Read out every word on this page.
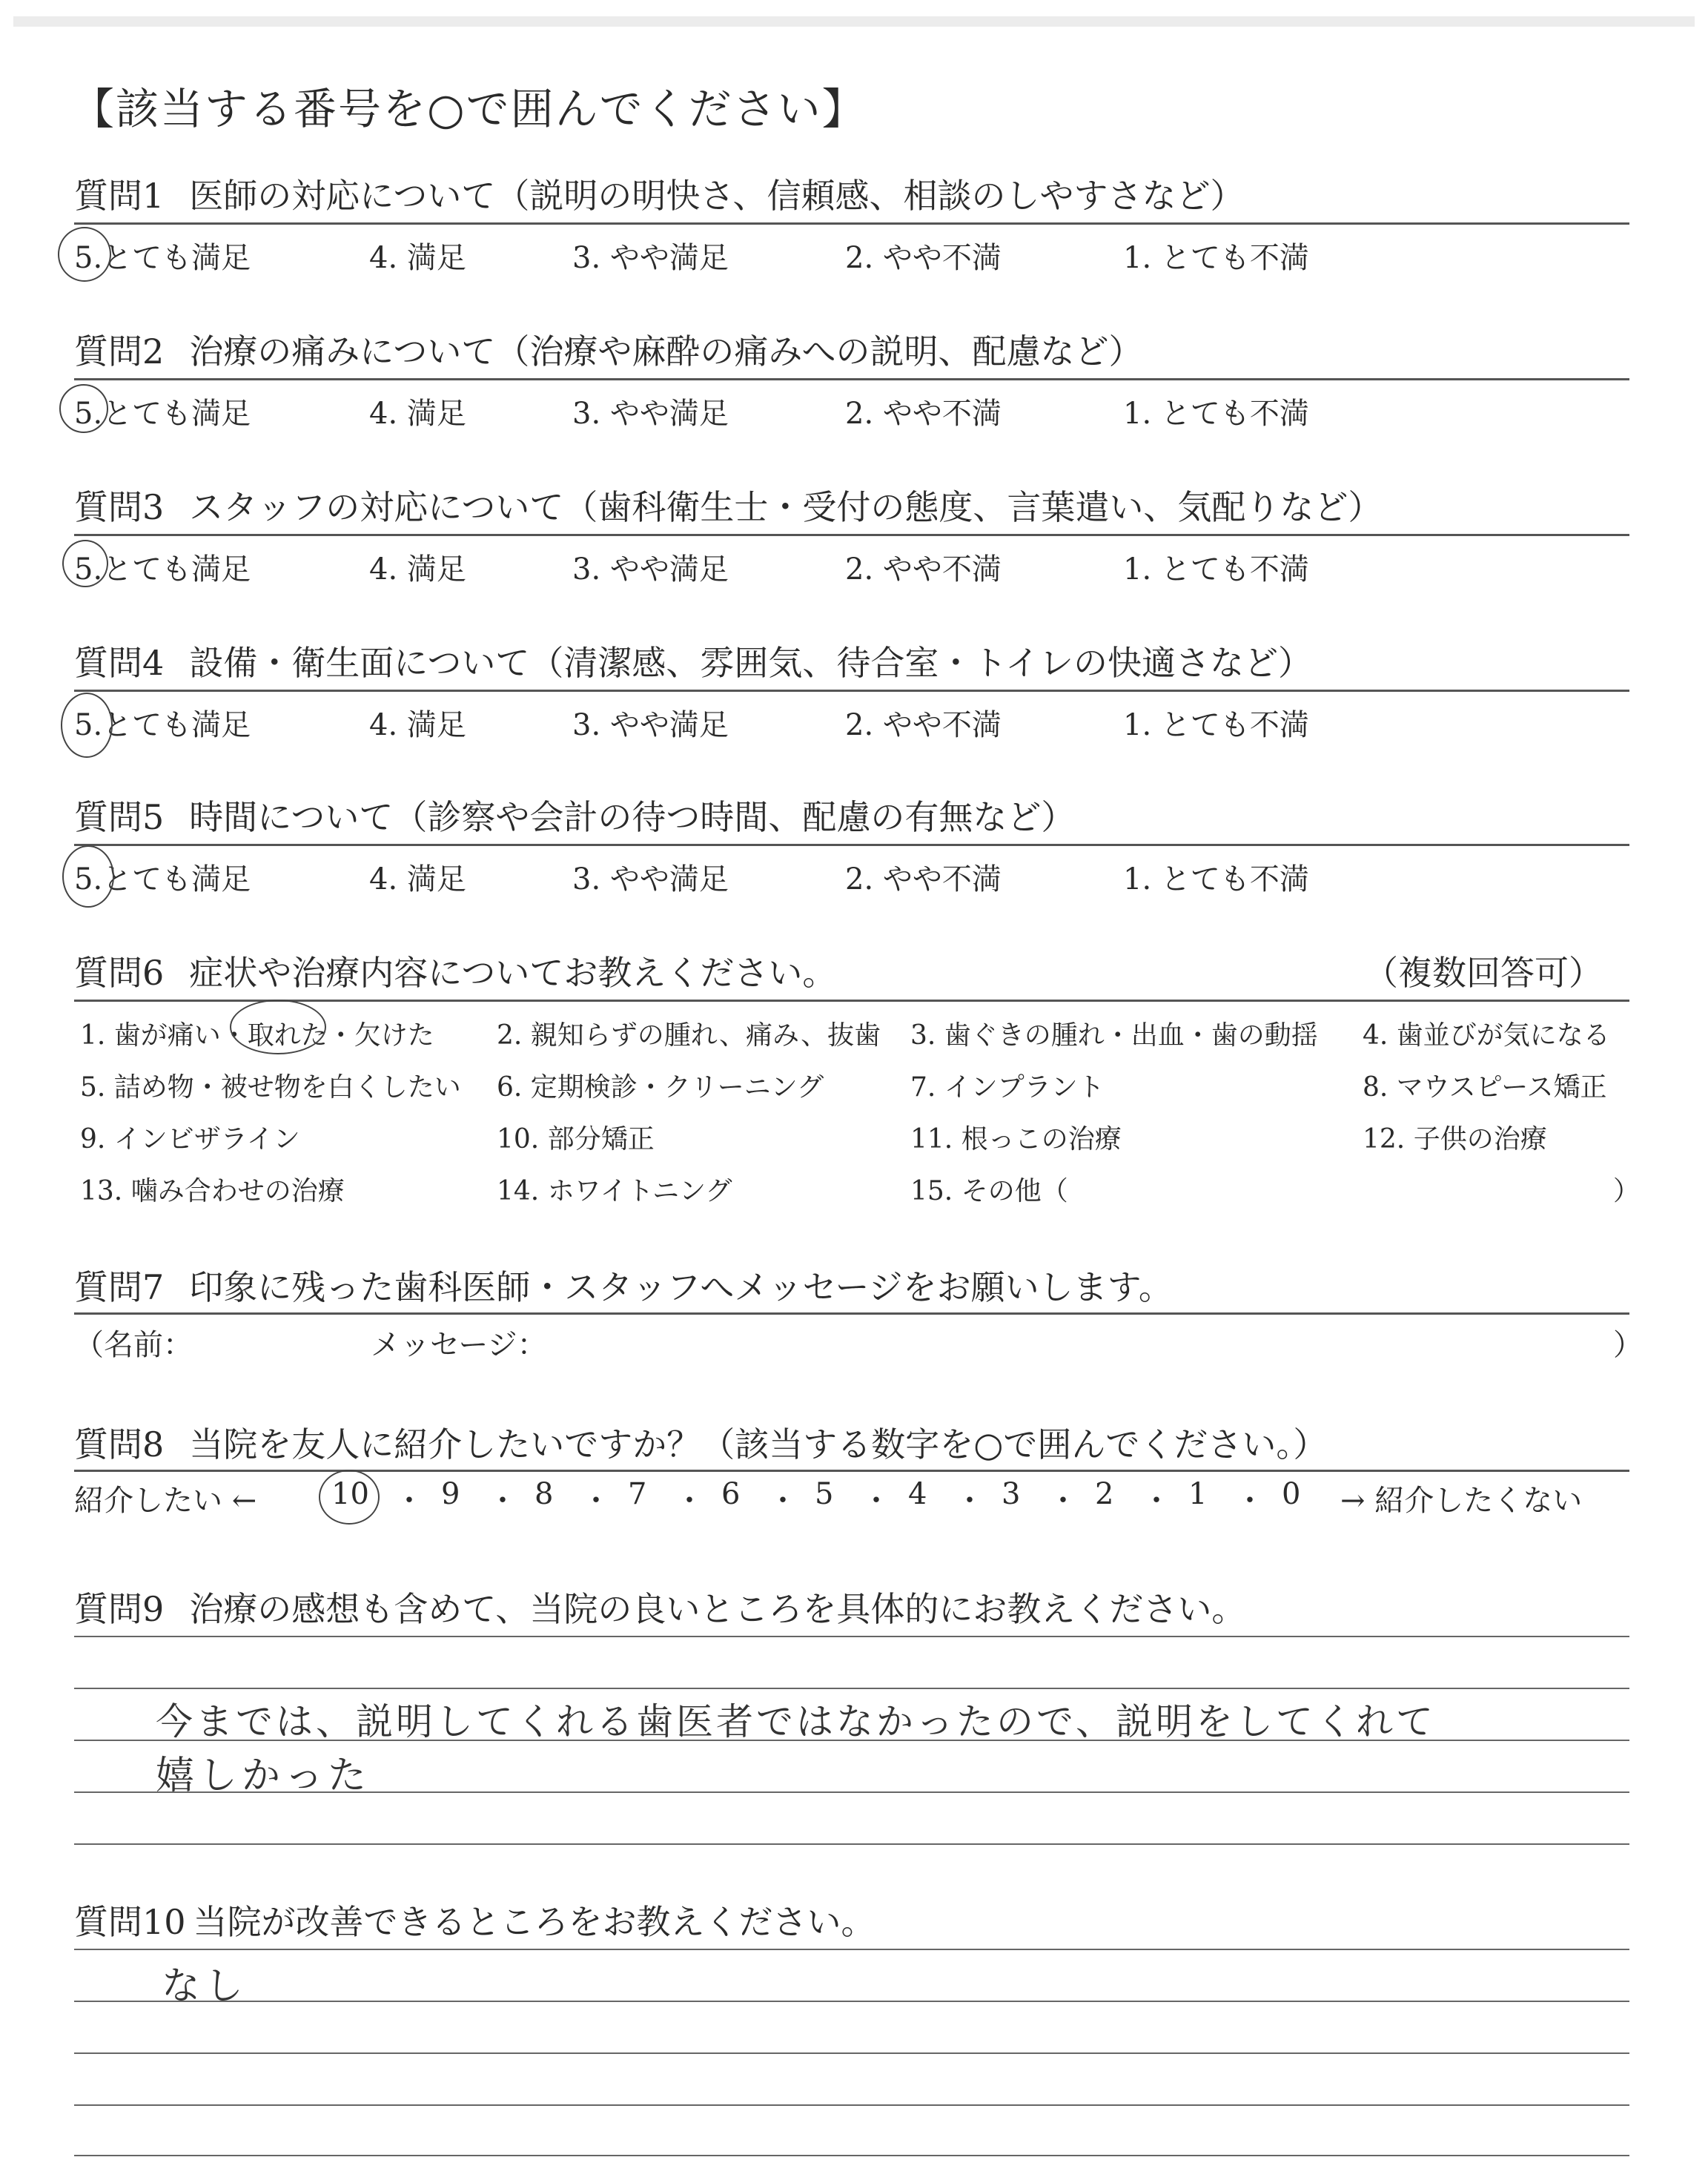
【該当する番号を○で囲んでください】
質問1 医師の対応について（説明の明快さ、信頼感、相談のしやすさなど）
5.とても満足	4. 満足	3. やや満足	2. やや不満	1. とても不満
質問2 治療の痛みについて（治療や麻酔の痛みへの説明、配慮など）
5.とても満足	4. 満足	3. やや満足	2. やや不満	1. とても不満
質問3 スタッフの対応について（歯科衛生士・受付の態度、言葉遣い、気配りなど）
5.とても満足	4. 満足	3. やや満足	2. やや不満	1. とても不満
質問4 設備・衛生面について（清潔感、雰囲気、待合室・トイレの快適さなど）
5.とても満足	4. 満足	3. やや満足	2. やや不満	1. とても不満
質問5 時間について（診察や会計の待つ時間、配慮の有無など）
5.とても満足	4. 満足	3. やや満足	2. やや不満	1. とても不満
質問6 症状や治療内容についてお教えください。	（複数回答可）
1. 歯が痛い・取れた・欠けた 2. 親知らずの腫れ、痛み、抜歯 3. 歯ぐきの腫れ・出血・歯の動揺 4. 歯並びが気になる
5. 詰め物・被せ物を白くしたい 6. 定期検診・クリーニング	7. インプラント	8. マウスピース矯正
9. インビザライン	10. 部分矯正	11. 根っこの治療	12. 子供の治療
13. 噛み合わせの治療	14. ホワイトニング	15. その他（	）
質問7 印象に残った歯科医師・スタッフへメッセージをお願いします。
（名前：	メッセージ：	）
質問8 当院を友人に紹介したいですか？（該当する数字を○で囲んでください。）
紹介したい ←	10 ・ 9 ・ 8 ・ 7 ・ 6 ・ 5 ・ 4 ・ 3 ・ 2 ・ 1 ・ 0 → 紹介したくない
質問9 治療の感想も含めて、当院の良いところを具体的にお教えください。
今までは、説明してくれる歯医者ではなかったので、説明をしてくれて
嬉しかった
質問10 当院が改善できるところをお教えください。
なし
